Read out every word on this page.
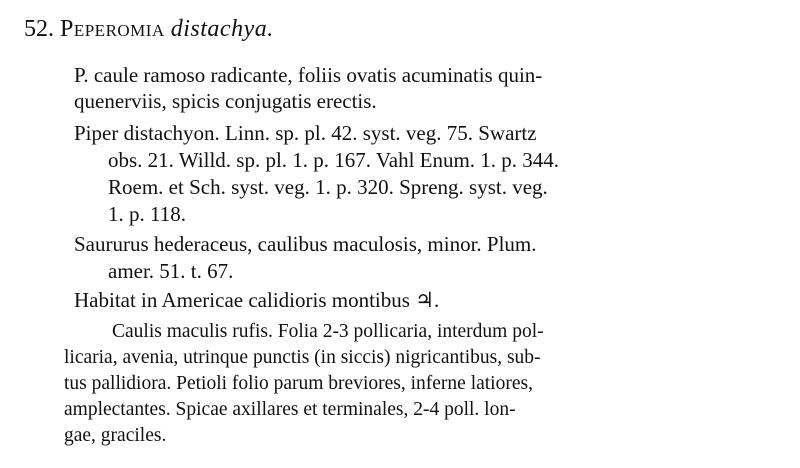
52. Peperomia distachya.
P. caule ramoso radicante, foliis ovatis acuminatis quin-
quenerviis, spicis conjugatis erectis.
Piper distachyon. Linn. sp. pl. 42. syst. veg. 75. Swartz
obs. 21. Willd. sp. pl. 1. p. 167. Vahl Enum. 1. p. 344.
Roem. et Sch. syst. veg. 1. p. 320. Spreng. syst. veg.
1. p. 118.
Saururus hederaceus, caulibus maculosis, minor. Plum.
amer. 51. t. 67.
Habitat in Americae calidioris montibus ♃.
Caulis maculis rufis. Folia 2-3 pollicaria, interdum pol-
licaria, avenia, utrinque punctis (in siccis) nigricantibus, sub-
tus pallidiora. Petioli folio parum breviores, inferne latiores,
amplectantes. Spicae axillares et terminales, 2-4 poll. lon-
gae, graciles.
